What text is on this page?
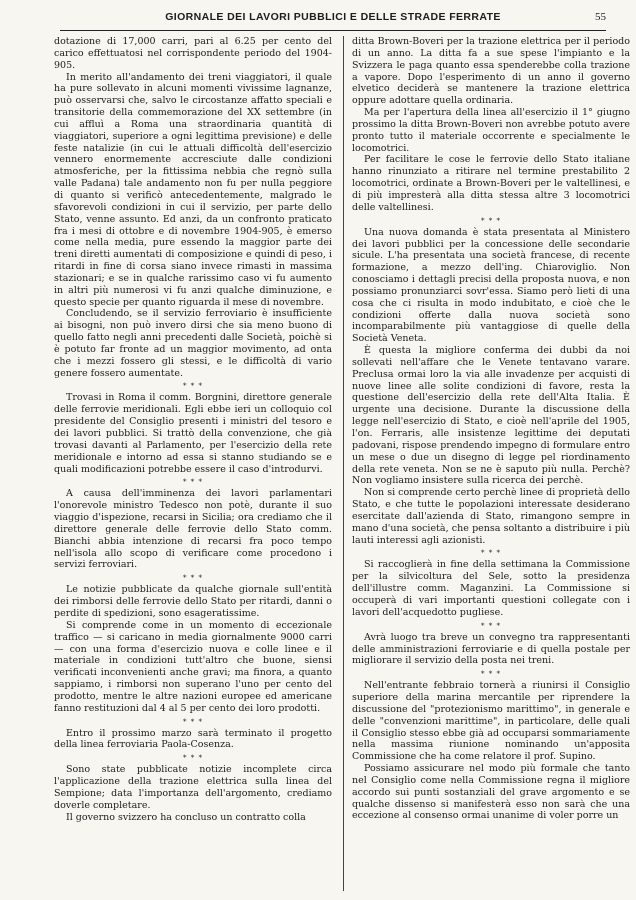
GIORNALE DEI LAVORI PUBBLICI E DELLE STRADE FERRATE	55

dotazione di 17,000 carri, pari al 6.25 per cento del carico effettuatosi nel corrispondente periodo del 1904-905.

In merito all'andamento dei treni viaggiatori, il quale ha pure sollevato in alcuni momenti vivissime lagnanze, può osservarsi che, salvo le circostanze affatto speciali e transitorie della commemorazione del XX settembre (in cui affluì a Roma una straordinaria quantità di viaggiatori, superiore a ogni legittima previsione) e delle feste natalizie (in cui le attuali difficoltà dell'esercizio vennero enormemente accresciute dalle condizioni atmosferiche, per la fittissima nebbia che regnò sulla valle Padana) tale andamento non fu per nulla peggiore di quanto si verificò antecedentemente, malgrado le sfavorevoli condizioni in cui il servizio, per parte dello Stato, venne assunto. Ed anzi, da un confronto praticato fra i mesi di ottobre e di novembre 1904-905, è emerso come nella media, pure essendo la maggior parte dei treni diretti aumentati di composizione e quindi di peso, i ritardi in fine di corsa siano invece rimasti in massima stazionari; e se in qualche rarissimo caso vi fu aumento in altri più numerosi vi fu anzi qualche diminuzione, e questo specie per quanto riguarda il mese di novembre.

Concludendo, se il servizio ferroviario è insufficiente ai bisogni, non può invero dirsi che sia meno buono di quello fatto negli anni precedenti dalle Società, poichè si è potuto far fronte ad un maggior movimento, ad onta che i mezzi fossero gli stessi, e le difficoltà di vario genere fossero aumentate.

* * *

Trovasi in Roma il comm. Borgnini, direttore generale delle ferrovie meridionali. Egli ebbe ieri un colloquio col presidente del Consiglio presenti i ministri del tesoro e dei lavori pubblici. Si trattò della convenzione, che già trovasi davanti al Parlamento, per l'esercizio della rete meridionale e intorno ad essa si stanno studiando se e quali modificazioni potrebbe essere il caso d'introdurvi.

* * *

A causa dell'imminenza dei lavori parlamentari l'onorevole ministro Tedesco non potè, durante il suo viaggio d'ispezione, recarsi in Sicilia; ora crediamo che il direttore generale delle ferrovie dello Stato comm. Bianchi abbia intenzione di recarsi fra poco tempo nell'isola allo scopo di verificare come procedono i servizi ferroviari.

* * *

Le notizie pubblicate da qualche giornale sull'entità dei rimborsi delle ferrovie dello Stato per ritardi, danni o perdite di spedizioni, sono esageratissime.

Si comprende come in un momento di eccezionale traffico — si caricano in media giornalmente 9000 carri — con una forma d'esercizio nuova e colle linee e il materiale in condizioni tutt'altro che buone, siensi verificati inconvenienti anche gravi; ma finora, a quanto sappiamo, i rimborsi non superano l'uno per cento del prodotto, mentre le altre nazioni europee ed americane fanno restituzioni dal 4 al 5 per cento dei loro prodotti.

* * *

Entro il prossimo marzo sarà terminato il progetto della linea ferroviaria Paola-Cosenza.

* * *

Sono state pubblicate notizie incomplete circa l'applicazione della trazione elettrica sulla linea del Sempione; data l'importanza dell'argomento, crediamo doverle completare.

Il governo svizzero ha concluso un contratto colla

ditta Brown-Boveri per la trazione elettrica per il periodo di un anno. La ditta fa a sue spese l'impianto e la Svizzera le paga quanto essa spenderebbe colla trazione a vapore. Dopo l'esperimento di un anno il governo elvetico deciderà se mantenere la trazione elettrica oppure adottare quella ordinaria.

Ma per l'apertura della linea all'esercizio il 1° giugno prossimo la ditta Brown-Boveri non avrebbe potuto avere pronto tutto il materiale occorrente e specialmente le locomotrici.

Per facilitare le cose le ferrovie dello Stato italiane hanno rinunziato a ritirare nel termine prestabilito 2 locomotrici, ordinate a Brown-Boveri per le valtellinesi, e di più impresterà alla ditta stessa altre 3 locomotrici delle valtellinesi.

* * *

Una nuova domanda è stata presentata al Ministero dei lavori pubblici per la concessione delle secondarie sicule. L'ha presentata una società francese, di recente formazione, a mezzo dell'ing. Chiaroviglio. Non conosciamo i dettagli precisi della proposta nuova, e non possiamo pronunziarci sovr'essa. Siamo però lieti di una cosa che ci risulta in modo indubitato, e cioè che le condizioni offerte dalla nuova società sono incomparabilmente più vantaggiose di quelle della Società Veneta.

È questa la migliore conferma dei dubbi da noi sollevati nell'affare che le Venete tentavano varare. Preclusa ormai loro la via alle invadenze per acquisti di nuove linee alle solite condizioni di favore, resta la questione dell'esercizio della rete dell'Alta Italia. È urgente una decisione. Durante la discussione della legge nell'esercizio di Stato, e cioè nell'aprile del 1905, l'on. Ferraris, alle insistenze legittime dei deputati padovani, rispose prendendo impegno di formulare entro un mese o due un disegno di legge pel riordinamento della rete veneta. Non se ne è saputo più nulla. Perchè? Non vogliamo insistere sulla ricerca dei perchè.

Non si comprende certo perchè linee di proprietà dello Stato, e che tutte le popolazioni interessate desiderano esercitate dall'azienda di Stato, rimangono sempre in mano d'una società, che pensa soltanto a distribuire i più lauti interessi agli azionisti.

* * *

Si raccoglierà in fine della settimana la Commissione per la silvicoltura del Sele, sotto la presidenza dell'illustre comm. Maganzini. La Commissione si occuperà di vari importanti questioni collegate con i lavori dell'acquedotto pugliese.

* * *

Avrà luogo tra breve un convegno tra rappresentanti delle amministrazioni ferroviarie e di quella postale per migliorare il servizio della posta nei treni.

* * *

Nell'entrante febbraio tornerà a riunirsi il Consiglio superiore della marina mercantile per riprendere la discussione del "protezionismo marittimo", in generale e delle "convenzioni marittime", in particolare, delle quali il Consiglio stesso ebbe già ad occuparsi sommariamente nella massima riunione nominando un'apposita Commissione che ha come relatore il prof. Supino.

Possiamo assicurare nel modo più formale che tanto nel Consiglio come nella Commissione regna il migliore accordo sui punti sostanziali del grave argomento e se qualche dissenso si manifesterà esso non sarà che una eccezione al consenso ormai unanime di voler porre un
